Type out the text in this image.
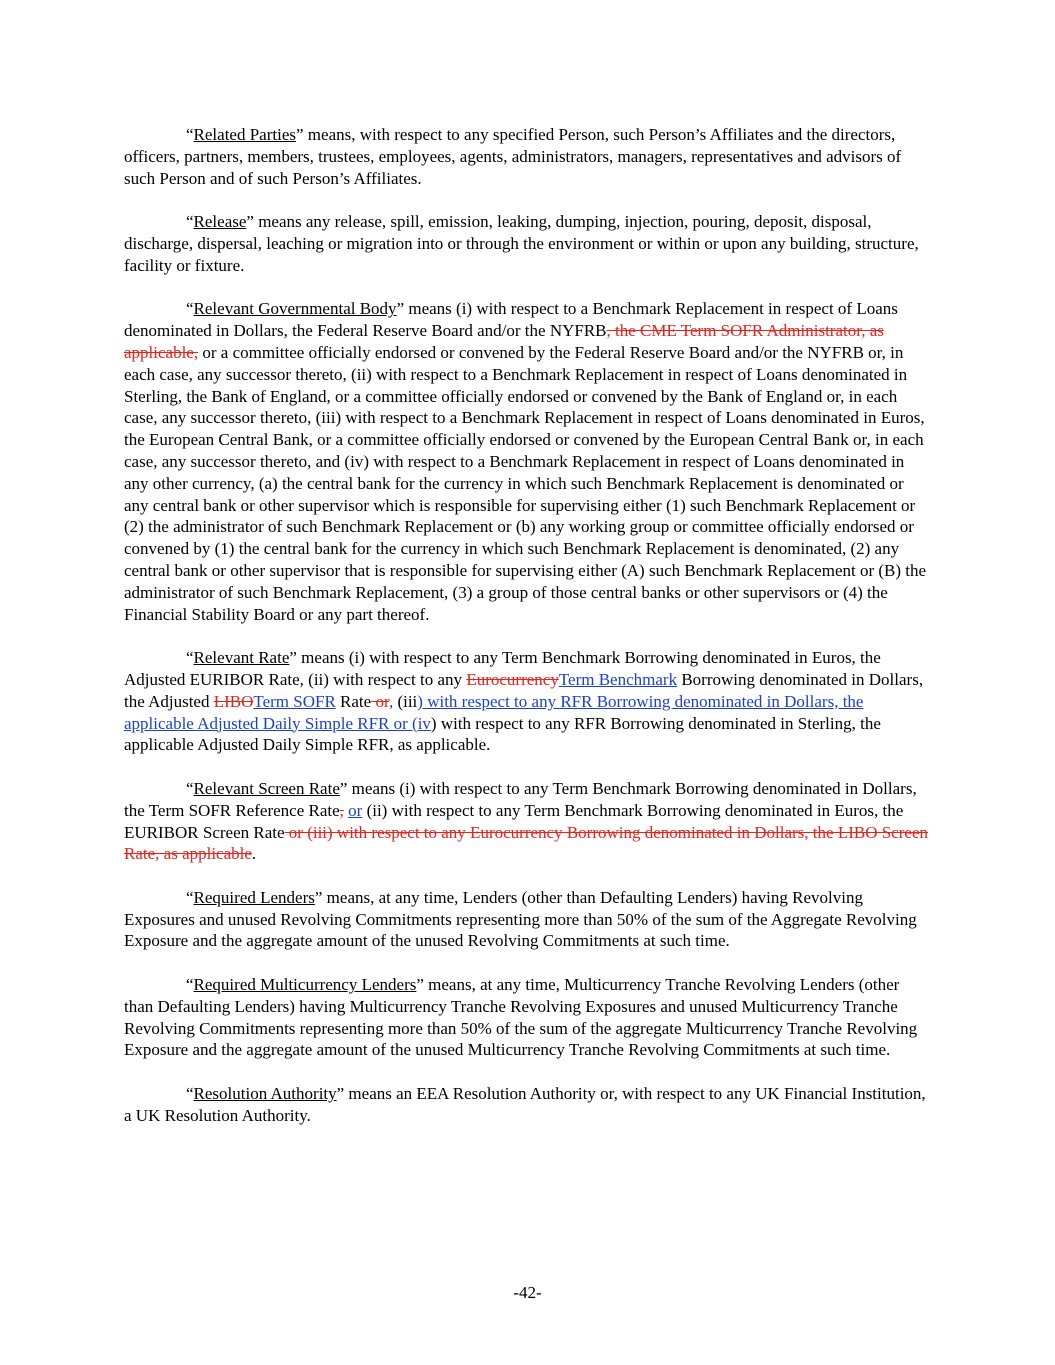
“Related Parties” means, with respect to any specified Person, such Person’s Affiliates and the directors, officers, partners, members, trustees, employees, agents, administrators, managers, representatives and advisors of such Person and of such Person’s Affiliates.

“Release” means any release, spill, emission, leaking, dumping, injection, pouring, deposit, disposal, discharge, dispersal, leaching or migration into or through the environment or within or upon any building, structure, facility or fixture.

“Relevant Governmental Body” means (i) with respect to a Benchmark Replacement in respect of Loans denominated in Dollars, the Federal Reserve Board and/or the NYFRB, the CME Term SOFR Administrator, as applicable, or a committee officially endorsed or convened by the Federal Reserve Board and/or the NYFRB or, in each case, any successor thereto, (ii) with respect to a Benchmark Replacement in respect of Loans denominated in Sterling, the Bank of England, or a committee officially endorsed or convened by the Bank of England or, in each case, any successor thereto, (iii) with respect to a Benchmark Replacement in respect of Loans denominated in Euros, the European Central Bank, or a committee officially endorsed or convened by the European Central Bank or, in each case, any successor thereto, and (iv) with respect to a Benchmark Replacement in respect of Loans denominated in any other currency, (a) the central bank for the currency in which such Benchmark Replacement is denominated or any central bank or other supervisor which is responsible for supervising either (1) such Benchmark Replacement or (2) the administrator of such Benchmark Replacement or (b) any working group or committee officially endorsed or convened by (1) the central bank for the currency in which such Benchmark Replacement is denominated, (2) any central bank or other supervisor that is responsible for supervising either (A) such Benchmark Replacement or (B) the administrator of such Benchmark Replacement, (3) a group of those central banks or other supervisors or (4) the Financial Stability Board or any part thereof.

“Relevant Rate” means (i) with respect to any Term Benchmark Borrowing denominated in Euros, the Adjusted EURIBOR Rate, (ii) with respect to any EurocurrencyTerm Benchmark Borrowing denominated in Dollars, the Adjusted LIBOTerm SOFR Rate or, (iii) with respect to any RFR Borrowing denominated in Dollars, the applicable Adjusted Daily Simple RFR or (iv) with respect to any RFR Borrowing denominated in Sterling, the applicable Adjusted Daily Simple RFR, as applicable.

“Relevant Screen Rate” means (i) with respect to any Term Benchmark Borrowing denominated in Dollars, the Term SOFR Reference Rate, or (ii) with respect to any Term Benchmark Borrowing denominated in Euros, the EURIBOR Screen Rate or (iii) with respect to any Eurocurrency Borrowing denominated in Dollars, the LIBO Screen Rate, as applicable.

“Required Lenders” means, at any time, Lenders (other than Defaulting Lenders) having Revolving Exposures and unused Revolving Commitments representing more than 50% of the sum of the Aggregate Revolving Exposure and the aggregate amount of the unused Revolving Commitments at such time.

“Required Multicurrency Lenders” means, at any time, Multicurrency Tranche Revolving Lenders (other than Defaulting Lenders) having Multicurrency Tranche Revolving Exposures and unused Multicurrency Tranche Revolving Commitments representing more than 50% of the sum of the aggregate Multicurrency Tranche Revolving Exposure and the aggregate amount of the unused Multicurrency Tranche Revolving Commitments at such time.

“Resolution Authority” means an EEA Resolution Authority or, with respect to any UK Financial Institution, a UK Resolution Authority.

-42-
